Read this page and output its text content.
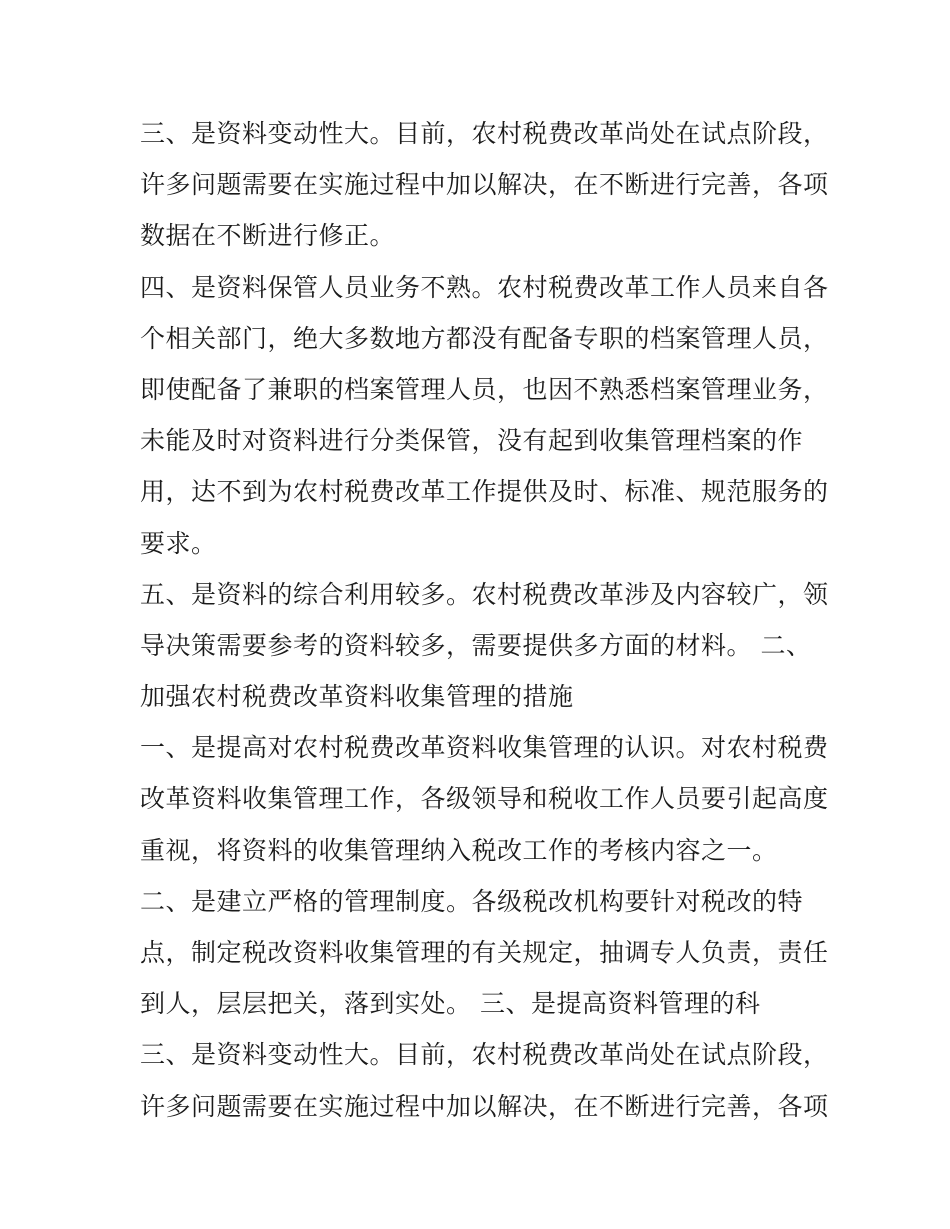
三、是资料变动性大。目前，农村税费改革尚处在试点阶段，
许多问题需要在实施过程中加以解决，在不断进行完善，各项
数据在不断进行修正。
四、是资料保管人员业务不熟。农村税费改革工作人员来自各
个相关部门，绝大多数地方都没有配备专职的档案管理人员，
即使配备了兼职的档案管理人员，也因不熟悉档案管理业务，
未能及时对资料进行分类保管，没有起到收集管理档案的作
用，达不到为农村税费改革工作提供及时、标准、规范服务的
要求。
五、是资料的综合利用较多。农村税费改革涉及内容较广，领
导决策需要参考的资料较多，需要提供多方面的材料。 二、
加强农村税费改革资料收集管理的措施
一、是提高对农村税费改革资料收集管理的认识。对农村税费
改革资料收集管理工作，各级领导和税收工作人员要引起高度
重视，将资料的收集管理纳入税改工作的考核内容之一。
二、是建立严格的管理制度。各级税改机构要针对税改的特
点，制定税改资料收集管理的有关规定，抽调专人负责，责任
到人，层层把关，落到实处。 三、是提高资料管理的科
三、是资料变动性大。目前，农村税费改革尚处在试点阶段，
许多问题需要在实施过程中加以解决，在不断进行完善，各项
